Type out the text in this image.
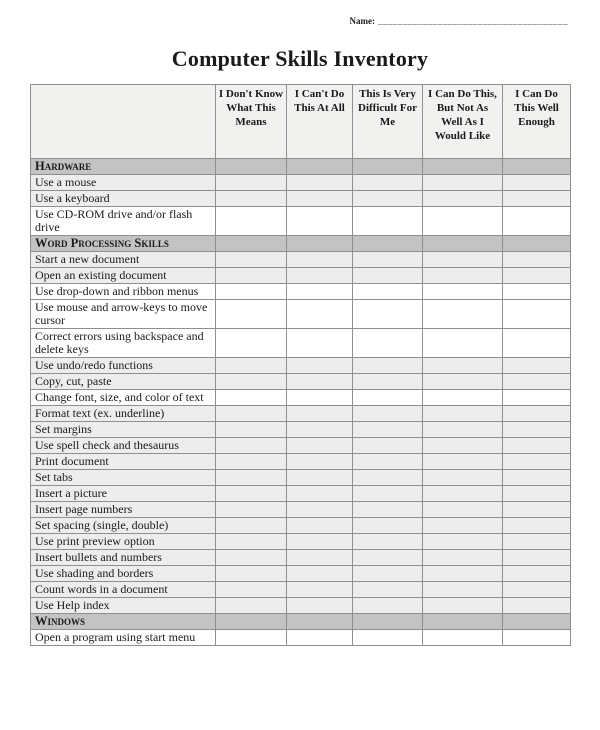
Name: ______________________________________
Computer Skills Inventory
	I Don't Know What This Means	I Can't Do This At All	This Is Very Difficult For Me	I Can Do This, But Not As Well As I Would Like	I Can Do This Well Enough
Hardware					
Use a mouse					
Use a keyboard					
Use CD-ROM drive and/or flash drive					
Word Processing Skills					
Start a new document					
Open an existing document					
Use drop-down and ribbon menus					
Use mouse and arrow-keys to move cursor					
Correct errors using backspace and delete keys					
Use undo/redo functions					
Copy, cut, paste					
Change font, size, and color of text					
Format text (ex. underline)					
Set margins					
Use spell check and thesaurus					
Print document					
Set tabs					
Insert a picture					
Insert page numbers					
Set spacing (single, double)					
Use print preview option					
Insert bullets and numbers					
Use shading and borders					
Count words in a document					
Use Help index					
Windows					
Open a program using start menu					
